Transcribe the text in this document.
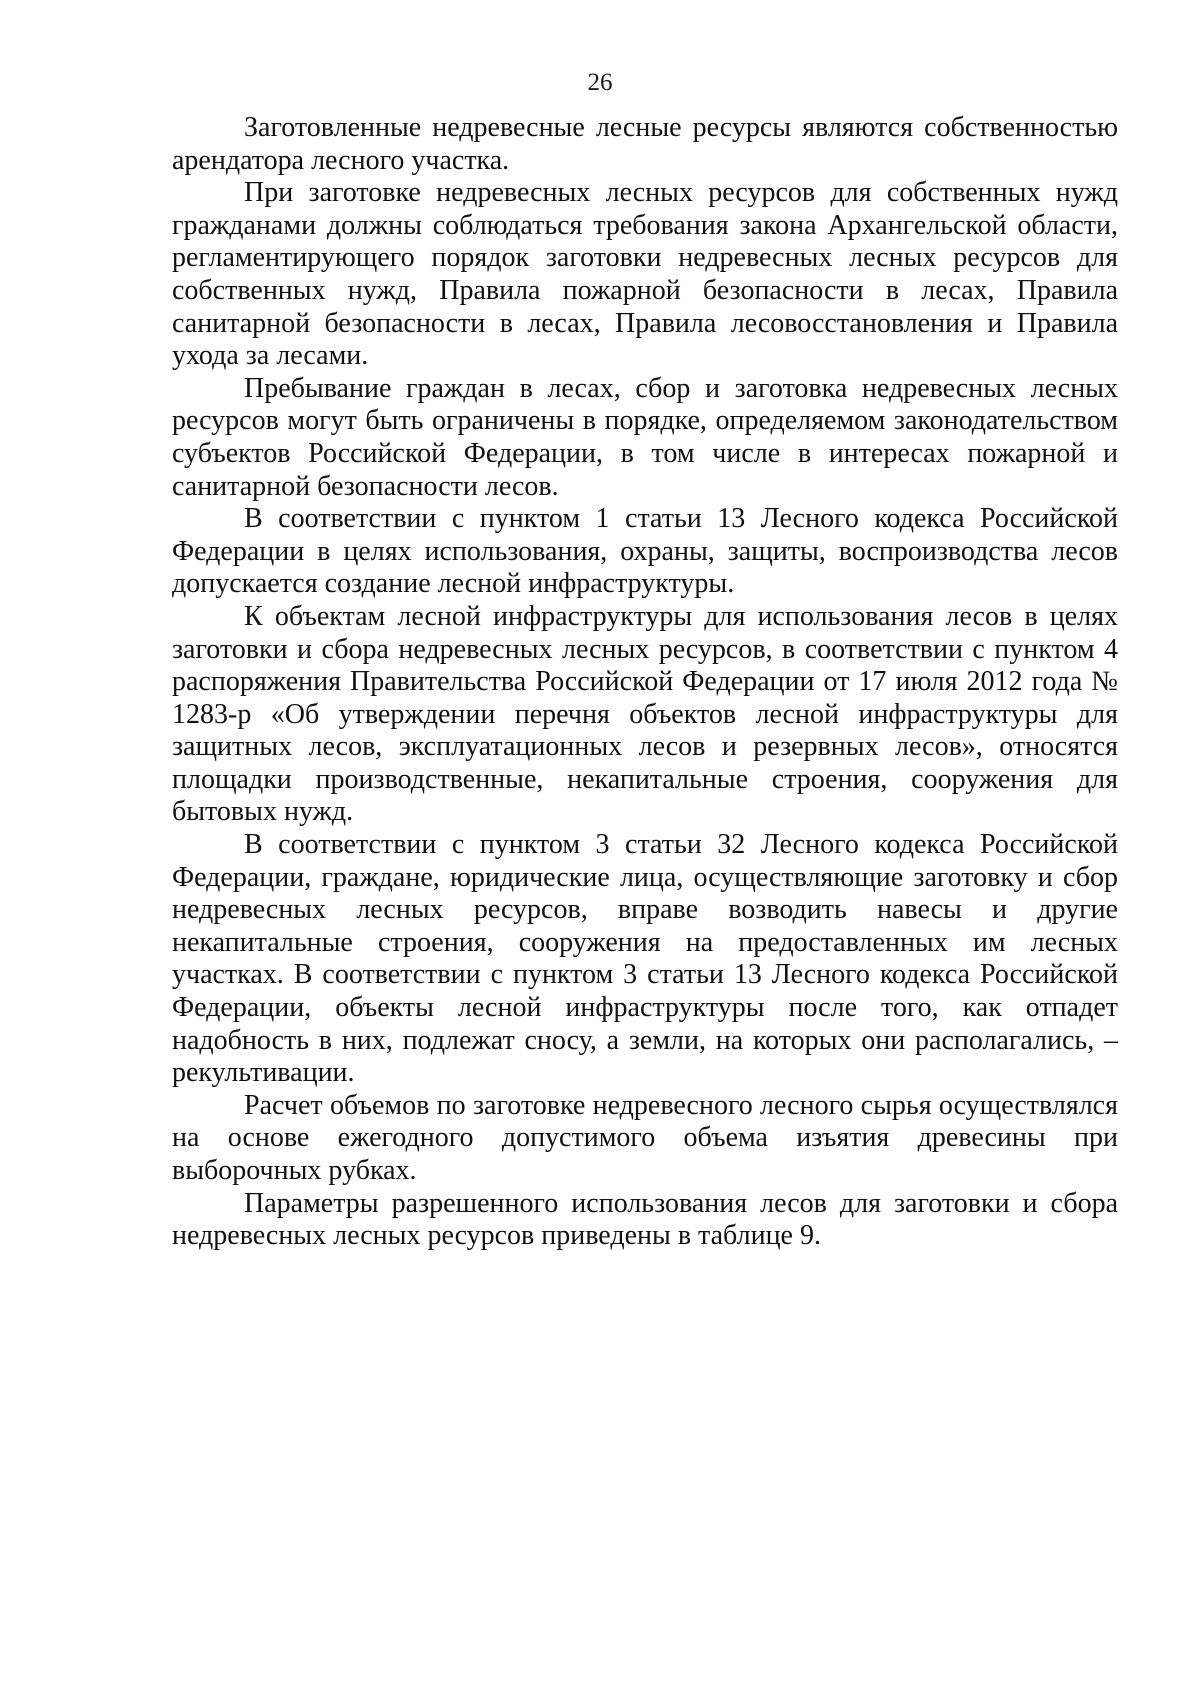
26

Заготовленные недревесные лесные ресурсы являются собственностью арендатора лесного участка.

При заготовке недревесных лесных ресурсов для собственных нужд гражданами должны соблюдаться требования закона Архангельской области, регламентирующего порядок заготовки недревесных лесных ресурсов для собственных нужд, Правила пожарной безопасности в лесах, Правила санитарной безопасности в лесах, Правила лесовосстановления и Правила ухода за лесами.

Пребывание граждан в лесах, сбор и заготовка недревесных лесных ресурсов могут быть ограничены в порядке, определяемом законодательством субъектов Российской Федерации, в том числе в интересах пожарной и санитарной безопасности лесов.

В соответствии с пунктом 1 статьи 13 Лесного кодекса Российской Федерации в целях использования, охраны, защиты, воспроизводства лесов допускается создание лесной инфраструктуры.

К объектам лесной инфраструктуры для использования лесов в целях заготовки и сбора недревесных лесных ресурсов, в соответствии с пунктом 4 распоряжения Правительства Российской Федерации от 17 июля 2012 года № 1283-р «Об утверждении перечня объектов лесной инфраструктуры для защитных лесов, эксплуатационных лесов и резервных лесов», относятся площадки производственные, некапитальные строения, сооружения для бытовых нужд.

В соответствии с пунктом 3 статьи 32 Лесного кодекса Российской Федерации, граждане, юридические лица, осуществляющие заготовку и сбор недревесных лесных ресурсов, вправе возводить навесы и другие некапитальные строения, сооружения на предоставленных им лесных участках. В соответствии с пунктом 3 статьи 13 Лесного кодекса Российской Федерации, объекты лесной инфраструктуры после того, как отпадет надобность в них, подлежат сносу, а земли, на которых они располагались, – рекультивации.

Расчет объемов по заготовке недревесного лесного сырья осуществлялся на основе ежегодного допустимого объема изъятия древесины при выборочных рубках.

Параметры разрешенного использования лесов для заготовки и сбора недревесных лесных ресурсов приведены в таблице 9.
